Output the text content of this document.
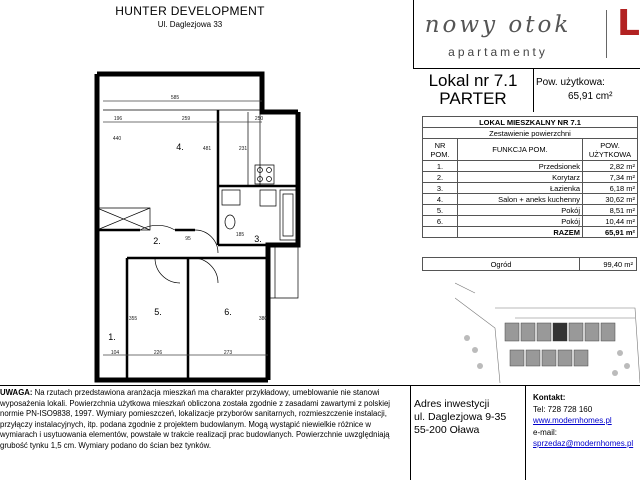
HUNTER DEVELOPMENT
Ul. Daglezjowa 33
4.
2.	3.
5.	6.
1.
585
196	259	250
440
481	231
95
185
355	380
104	226	273
nowy otok
apartamenty
L
Lokal nr 7.1
PARTER
Pow. użytkowa:
65,91 cm²
LOKAL MIESZKALNY NR 7.1		
Zestawienie powierzchni		
NR POM.	FUNKCJA POM.	POW. UŻYTKOWA
1.	Przedsionek	2,82 m²
2.	Korytarz	7,34 m²
3.	Łazienka	6,18 m²
4.	Salon + aneks kuchenny	30,62 m²
5.	Pokój	8,51 m²
6.	Pokój	10,44 m²
	RAZEM	65,91 m²
Ogród	99,40 m²
UWAGA: Na rzutach przedstawiona aranżacja mieszkań ma charakter przykładowy, umeblowanie nie stanowi wyposażenia lokali. Powierzchnia użytkowa mieszkań obliczona została zgodnie z zasadami zawartymi z polskiej normie PN-ISO9838, 1997. Wymiary pomieszczeń, lokalizacje przyborów sanitarnych, rozmieszczenie instalacji, przyłączy instalacyjnych, itp. podana zgodnie z projektem budowlanym. Mogą wystąpić niewielkie różnice w wymiarach i usytuowania elementów, powstałe w trakcie realizacji prac budowlanych. Powierzchnie uwzględniają grubość tynku 1,5 cm. Wymiary podano do ścian bez tynków.
Adres inwestycji
ul. Daglezjowa 9-35
55-200 Oława
Kontakt:
Tel: 728 728 160
www.modernhomes.pl
e-mail:
sprzedaz@modernhomes.pl
